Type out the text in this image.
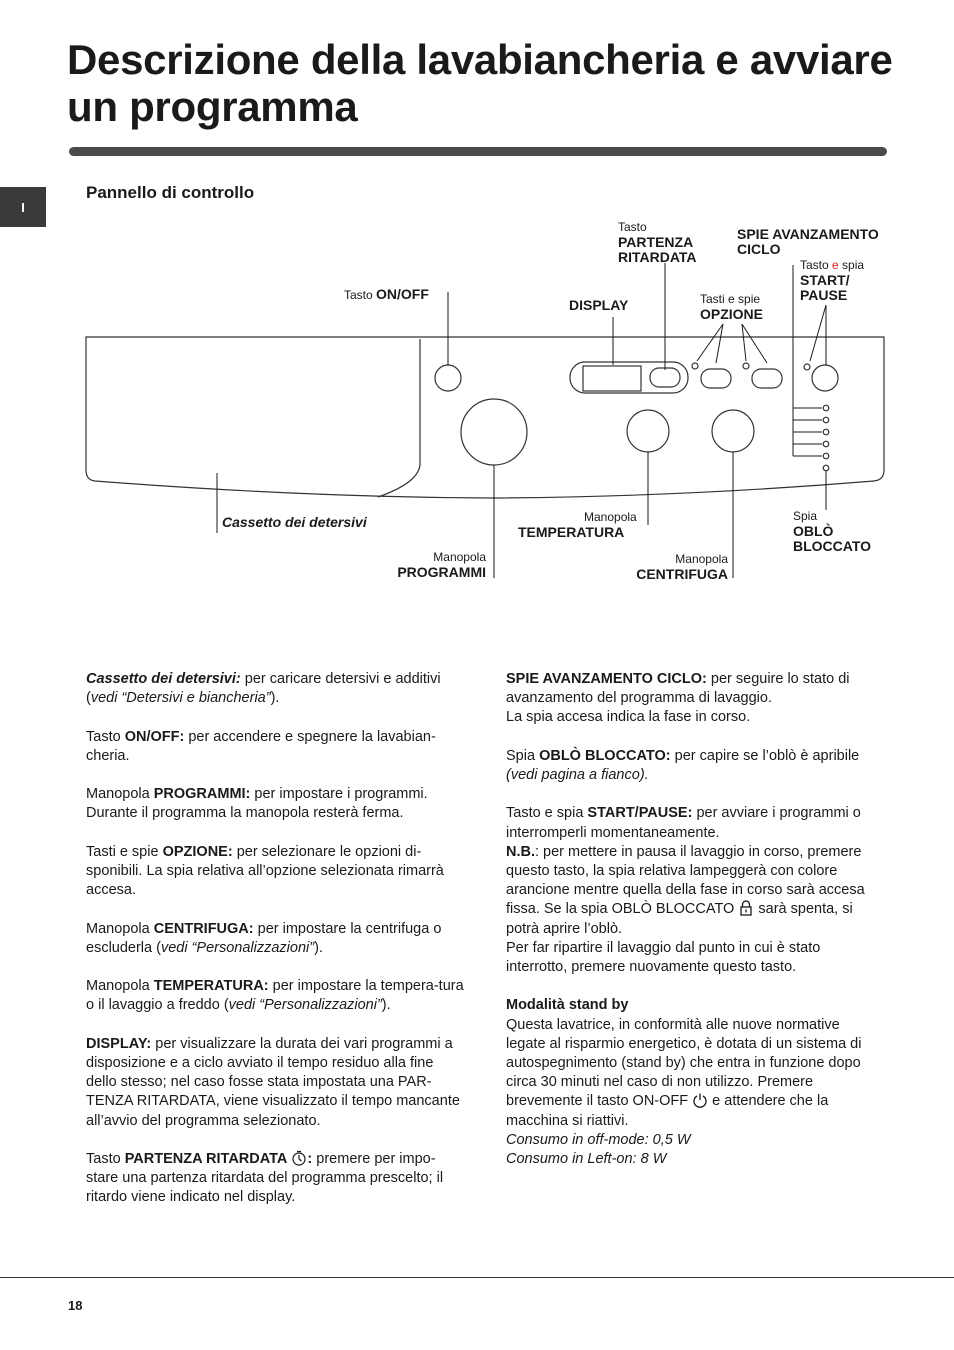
Descrizione della lavabiancheria e avviare un programma
I
Pannello di controllo
Tasto
PARTENZA RITARDATA
SPIE AVANZAMENTO CICLO
Tasto e spia
START/ PAUSE
Tasto ON/OFF
DISPLAY	Tasti e spie
OPZIONE
Cassetto dei detersivi	Manopola
TEMPERATURA
Spia
OBLÒ BLOCCATO
Manopola
PROGRAMMI
Manopola
CENTRIFUGA

Cassetto dei detersivi: per caricare detersivi e additivi (vedi “Detersivi e biancheria”).

Tasto ON/OFF: per accendere e spegnere la lavabian-cheria.

Manopola PROGRAMMI: per impostare i programmi. Durante il programma la manopola resterà ferma.

Tasti e spie OPZIONE: per selezionare le opzioni di-sponibili. La spia relativa all’opzione selezionata rimarrà accesa.

Manopola CENTRIFUGA: per impostare la centrifuga o escluderla (vedi “Personalizzazioni”).

Manopola TEMPERATURA: per impostare la tempera-tura o il lavaggio a freddo (vedi “Personalizzazioni”).

DISPLAY: per visualizzare la durata dei vari programmi a disposizione e a ciclo avviato il tempo residuo alla fine dello stesso; nel caso fosse stata impostata una PAR-TENZA RITARDATA, viene visualizzato il tempo mancante all’avvio del programma selezionato.

Tasto PARTENZA RITARDATA : premere per impo-stare una partenza ritardata del programma prescelto; il ritardo viene indicato nel display.

SPIE AVANZAMENTO CICLO: per seguire lo stato di avanzamento del programma di lavaggio.
La spia accesa indica la fase in corso.

Spia OBLÒ BLOCCATO: per capire se l’oblò è apribile (vedi pagina a fianco).

Tasto e spia START/PAUSE: per avviare i programmi o interromperli momentaneamente.
N.B.: per mettere in pausa il lavaggio in corso, premere questo tasto, la spia relativa lampeggerà con colore arancione mentre quella della fase in corso sarà accesa fissa. Se la spia OBLÒ BLOCCATO  sarà spenta, si potrà aprire l’oblò.
Per far ripartire il lavaggio dal punto in cui è stato interrotto, premere nuovamente questo tasto.

Modalità stand by
Questa lavatrice, in conformità alle nuove normative legate al risparmio energetico, è dotata di un sistema di autospegnimento (stand by) che entra in funzione dopo circa 30 minuti nel caso di non utilizzo. Premere brevemente il tasto ON-OFF  e attendere che la macchina si riattivi.
Consumo in off-mode: 0,5 W
Consumo in Left-on: 8 W

18
